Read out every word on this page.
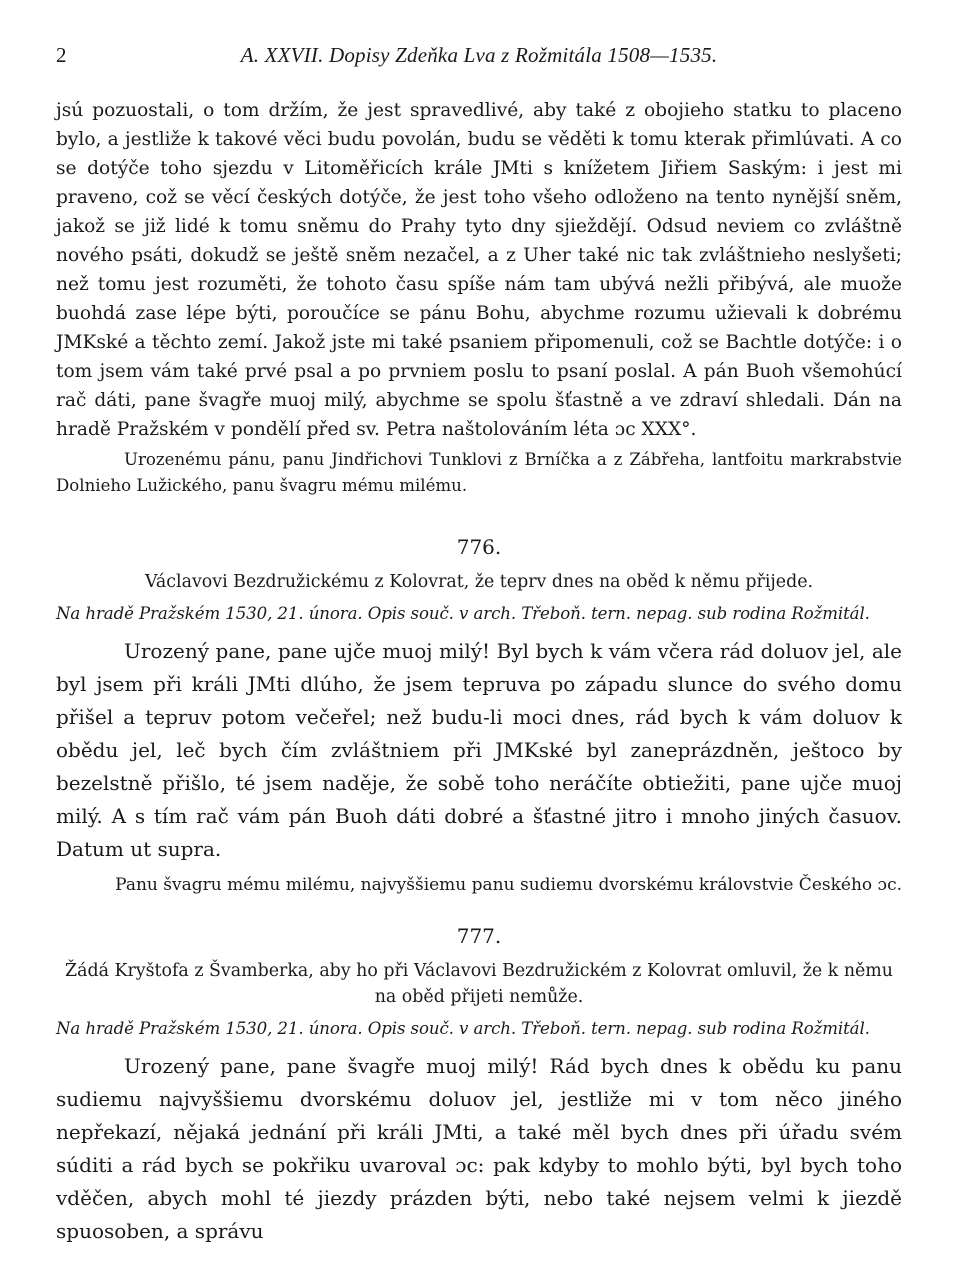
2	A. XXVII. Dopisy Zdeňka Lva z Rožmitála 1508—1535.

jsú pozuostali, o tom držím, že jest spravedlivé, aby také z obojieho statku to placeno bylo, a jestliže k takové věci budu povolán, budu se věděti k tomu kterak přimlúvati. A co se dotýče toho sjezdu v Litoměřicích krále JMti s knížetem Jiřiem Saským: i jest mi praveno, což se věcí českých dotýče, že jest toho všeho odloženo na tento nynější sněm, jakož se již lidé k tomu sněmu do Prahy tyto dny sjieždějí. Odsud neviem co zvláštně nového psáti, dokudž se ještě sněm nezačel, a z Uher také nic tak zvláštnieho neslyšeti; než tomu jest rozuměti, že tohoto času spíše nám tam ubývá nežli přibývá, ale muože buohdá zase lépe býti, poroučíce se pánu Bohu, abychme rozumu užievali k dobrému JMKské a těchto zemí. Jakož jste mi také psaniem připomenuli, což se Bachtle dotýče: i o tom jsem vám také prvé psal a po prvniem poslu to psaní poslal. A pán Buoh všemohúcí rač dáti, pane švagře muoj milý, abychme se spolu šťastně a ve zdraví shledali. Dán na hradě Pražském v pondělí před sv. Petra naštolováním léta ɔc XXX°.

Urozenému pánu, panu Jindřichovi Tunklovi z Brníčka a z Zábřeha, lantfoitu markrabstvie Dolnieho Lužického, panu švagru mému milému.

776.

Václavovi Bezdružickému z Kolovrat, že teprv dnes na oběd k němu přijede.

Na hradě Pražském 1530, 21. února. Opis souč. v arch. Třeboň. tern. nepag. sub rodina Rožmitál.

Urozený pane, pane ujče muoj milý! Byl bych k vám včera rád doluov jel, ale byl jsem při králi JMti dlúho, že jsem tepruva po západu slunce do svého domu přišel a tepruv potom večeřel; než budu-li moci dnes, rád bych k vám doluov k obědu jel, leč bych čím zvláštniem při JMKské byl zaneprázdněn, ještoco by bezelstně přišlo, té jsem naděje, že sobě toho neráčíte obtiežiti, pane ujče muoj milý. A s tím rač vám pán Buoh dáti dobré a šťastné jitro i mnoho jiných časuov. Datum ut supra.

Panu švagru mému milému, najvyššiemu panu sudiemu dvorskému královstvie Českého ɔc.

777.

Žádá Kryštofa z Švamberka, aby ho při Václavovi Bezdružickém z Kolovrat omluvil, že k němu na oběd přijeti nemůže.

Na hradě Pražském 1530, 21. února. Opis souč. v arch. Třeboň. tern. nepag. sub rodina Rožmitál.

Urozený pane, pane švagře muoj milý! Rád bych dnes k obědu ku panu sudiemu najvyššiemu dvorskému doluov jel, jestliže mi v tom něco jiného nepřekazí, nějaká jednání při králi JMti, a také měl bych dnes při úřadu svém súditi a rád bych se pokřiku uvaroval ɔc: pak kdyby to mohlo býti, byl bych toho vděčen, abych mohl té jiezdy prázden býti, nebo také nejsem velmi k jiezdě spuosoben, a správu
